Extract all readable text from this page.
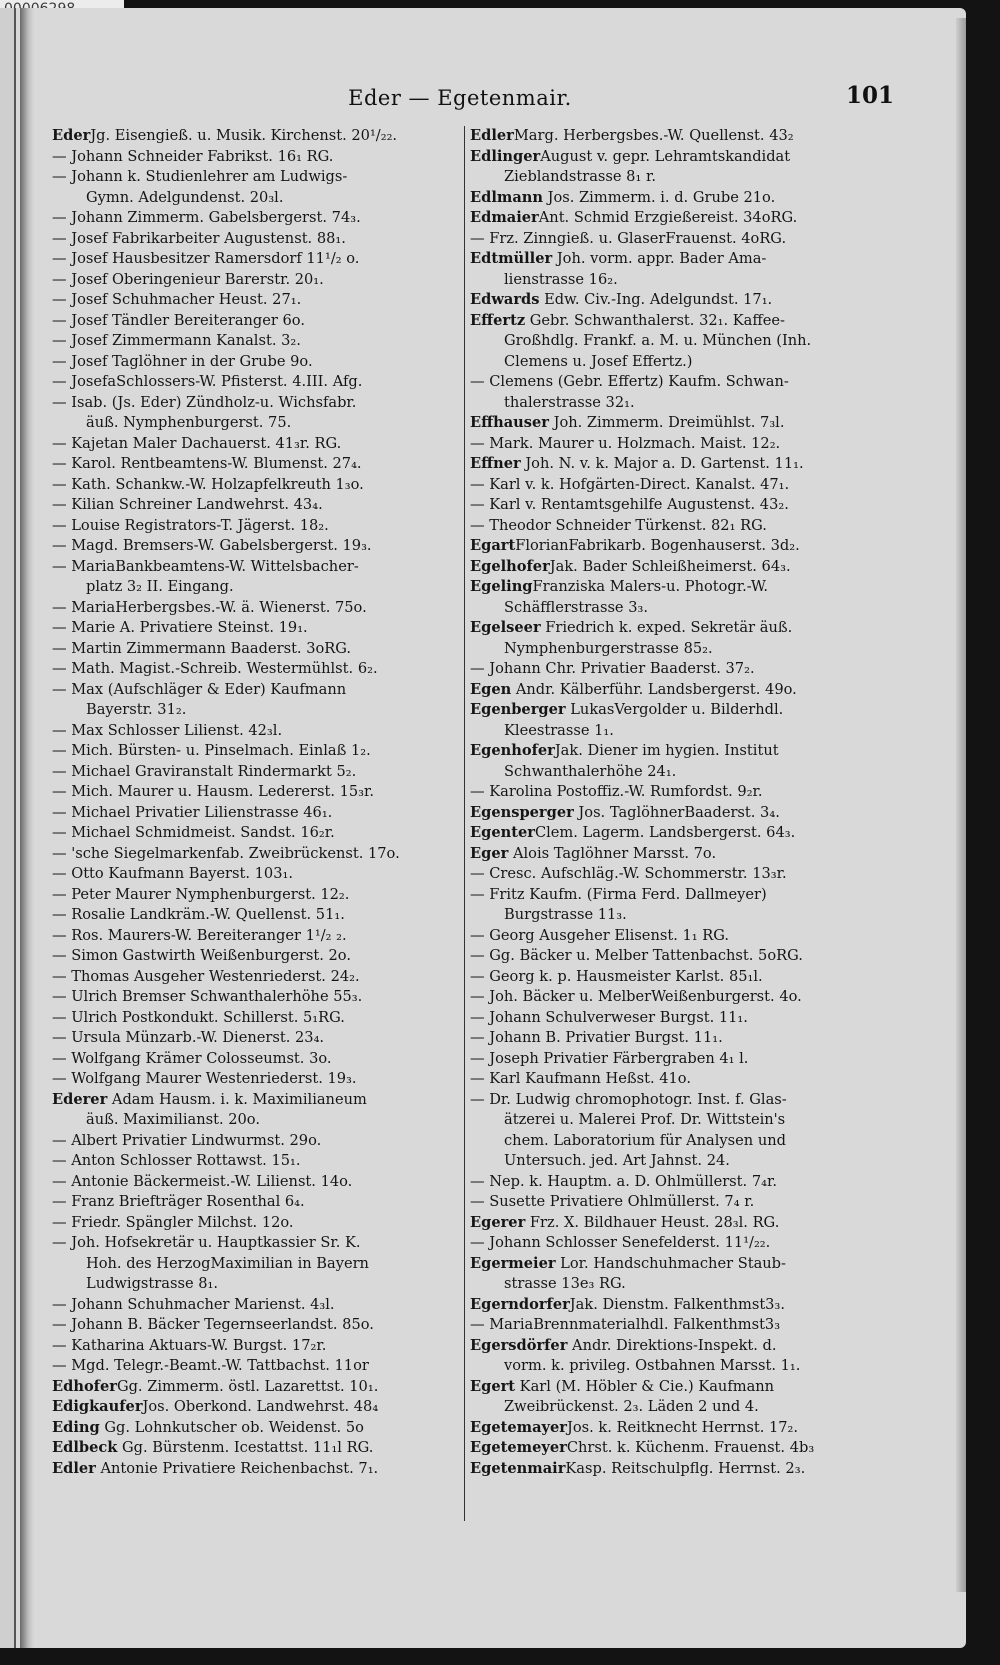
Eder — Egetenmair.	101
EderJg. Eisengieß. u. Musik. Kirchenst. 20¹/₂₂.
— Johann Schneider Fabrikst. 16₁ RG.
— Johann k. Studienlehrer am Ludwigs-
Gymn. Adelgundenst. 20₃l.
— Johann Zimmerm. Gabelsbergerst. 74₃.
— Josef Fabrikarbeiter Augustenst. 88₁.
— Josef Hausbesitzer Ramersdorf 11¹/₂ o.
— Josef Oberingenieur Barerstr. 20₁.
— Josef Schuhmacher Heust. 27₁.
— Josef Tändler Bereiteranger 6o.
— Josef Zimmermann Kanalst. 3₂.
— Josef Taglöhner in der Grube 9o.
— JosefaSchlossers-W. Pfisterst. 4.III. Afg.
— Isab. (Js. Eder) Zündholz-u. Wichsfabr.
äuß. Nymphenburgerst. 75.
— Kajetan Maler Dachauerst. 41₃r. RG.
— Karol. Rentbeamtens-W. Blumenst. 27₄.
— Kath. Schankw.-W. Holzapfelkreuth 1₃o.
— Kilian Schreiner Landwehrst. 43₄.
— Louise Registrators-T. Jägerst. 18₂.
— Magd. Bremsers-W. Gabelsbergerst. 19₃.
— MariaBankbeamtens-W. Wittelsbacher-
platz 3₂ II. Eingang.
— MariaHerbergsbes.-W. ä. Wienerst. 75o.
— Marie A. Privatiere Steinst. 19₁.
— Martin Zimmermann Baaderst. 3oRG.
— Math. Magist.-Schreib. Westermühlst. 6₂.
— Max (Aufschläger & Eder) Kaufmann
Bayerstr. 31₂.
— Max Schlosser Lilienst. 42₃l.
— Mich. Bürsten- u. Pinselmach. Einlaß 1₂.
— Michael Graviranstalt Rindermarkt 5₂.
— Mich. Maurer u. Hausm. Ledererst. 15₃r.
— Michael Privatier Lilienstrasse 46₁.
— Michael Schmidmeist. Sandst. 16₂r.
— 'sche Siegelmarkenfab. Zweibrückenst. 17o.
— Otto Kaufmann Bayerst. 103₁.
— Peter Maurer Nymphenburgerst. 12₂.
— Rosalie Landkräm.-W. Quellenst. 51₁.
— Ros. Maurers-W. Bereiteranger 1¹/₂ ₂.
— Simon Gastwirth Weißenburgerst. 2o.
— Thomas Ausgeher Westenriederst. 24₂.
— Ulrich Bremser Schwanthalerhöhe 55₃.
— Ulrich Postkondukt. Schillerst. 5₁RG.
— Ursula Münzarb.-W. Dienerst. 23₄.
— Wolfgang Krämer Colosseumst. 3o.
— Wolfgang Maurer Westenriederst. 19₃.
Ederer Adam Hausm. i. k. Maximilianeum
äuß. Maximilianst. 20o.
— Albert Privatier Lindwurmst. 29o.
— Anton Schlosser Rottawst. 15₁.
— Antonie Bäckermeist.-W. Lilienst. 14o.
— Franz Briefträger Rosenthal 6₄.
— Friedr. Spängler Milchst. 12o.
— Joh. Hofsekretär u. Hauptkassier Sr. K.
Hoh. des HerzogMaximilian in Bayern
Ludwigstrasse 8₁.
— Johann Schuhmacher Marienst. 4₃l.
— Johann B. Bäcker Tegernseerlandst. 85o.
— Katharina Aktuars-W. Burgst. 17₂r.
— Mgd. Telegr.-Beamt.-W. Tattbachst. 11or
EdhoferGg. Zimmerm. östl. Lazarettst. 10₁.
EdigkauferJos. Oberkond. Landwehrst. 48₄
Eding Gg. Lohnkutscher ob. Weidenst. 5o
Edlbeck Gg. Bürstenm. Icestattst. 11₁l RG.
Edler Antonie Privatiere Reichenbachst. 7₁.
EdlerMarg. Herbergsbes.-W. Quellenst. 43₂
EdlingerAugust v. gepr. Lehramtskandidat
Zieblandstrasse 8₁ r.
Edlmann Jos. Zimmerm. i. d. Grube 21o.
EdmaierAnt. Schmid Erzgießereist. 34oRG.
— Frz. Zinngieß. u. GlaserFrauenst. 4oRG.
Edtmüller Joh. vorm. appr. Bader Ama-
lienstrasse 16₂.
Edwards Edw. Civ.-Ing. Adelgundst. 17₁.
Effertz Gebr. Schwanthalerst. 32₁. Kaffee-
Großhdlg. Frankf. a. M. u. München (Inh.
Clemens u. Josef Effertz.)
— Clemens (Gebr. Effertz) Kaufm. Schwan-
thalerstrasse 32₁.
Effhauser Joh. Zimmerm. Dreimühlst. 7₃l.
— Mark. Maurer u. Holzmach. Maist. 12₂.
Effner Joh. N. v. k. Major a. D. Gartenst. 11₁.
— Karl v. k. Hofgärten-Direct. Kanalst. 47₁.
— Karl v. Rentamtsgehilfe Augustenst. 43₂.
— Theodor Schneider Türkenst. 82₁ RG.
EgartFlorianFabrikarb. Bogenhauserst. 3d₂.
EgelhoferJak. Bader Schleißheimerst. 64₃.
EgelingFranziska Malers-u. Photogr.-W.
Schäfflerstrasse 3₃.
Egelseer Friedrich k. exped. Sekretär äuß.
Nymphenburgerstrasse 85₂.
— Johann Chr. Privatier Baaderst. 37₂.
Egen Andr. Kälberführ. Landsbergerst. 49o.
Egenberger LukasVergolder u. Bilderhdl.
Kleestrasse 1₁.
EgenhoferJak. Diener im hygien. Institut
Schwanthalerhöhe 24₁.
— Karolina Postoffiz.-W. Rumfordst. 9₂r.
Egensperger Jos. TaglöhnerBaaderst. 3₄.
EgenterClem. Lagerm. Landsbergerst. 64₃.
Eger Alois Taglöhner Marsst. 7o.
— Cresc. Aufschläg.-W. Schommerstr. 13₃r.
— Fritz Kaufm. (Firma Ferd. Dallmeyer)
Burgstrasse 11₃.
— Georg Ausgeher Elisenst. 1₁ RG.
— Gg. Bäcker u. Melber Tattenbachst. 5oRG.
— Georg k. p. Hausmeister Karlst. 85₁l.
— Joh. Bäcker u. MelberWeißenburgerst. 4o.
— Johann Schulverweser Burgst. 11₁.
— Johann B. Privatier Burgst. 11₁.
— Joseph Privatier Färbergraben 4₁ l.
— Karl Kaufmann Heßst. 41o.
— Dr. Ludwig chromophotogr. Inst. f. Glas-
ätzerei u. Malerei Prof. Dr. Wittstein's
chem. Laboratorium für Analysen und
Untersuch. jed. Art Jahnst. 24.
— Nep. k. Hauptm. a. D. Ohlmüllerst. 7₄r.
— Susette Privatiere Ohlmüllerst. 7₄ r.
Egerer Frz. X. Bildhauer Heust. 28₃l. RG.
— Johann Schlosser Senefelderst. 11¹/₂₂.
Egermeier Lor. Handschuhmacher Staub-
strasse 13e₃ RG.
EgerndorferJak. Dienstm. Falkenthmst3₃.
— MariaBrennmaterialhdl. Falkenthmst3₃
Egersdörfer Andr. Direktions-Inspekt. d.
vorm. k. privileg. Ostbahnen Marsst. 1₁.
Egert Karl (M. Höbler & Cie.) Kaufmann
Zweibrückenst. 2₃. Läden 2 und 4.
EgetemayerJos. k. Reitknecht Herrnst. 17₂.
EgetemeyerChrst. k. Küchenm. Frauenst. 4b₃
EgetenmairKasp. Reitschulpflg. Herrnst. 2₃.
